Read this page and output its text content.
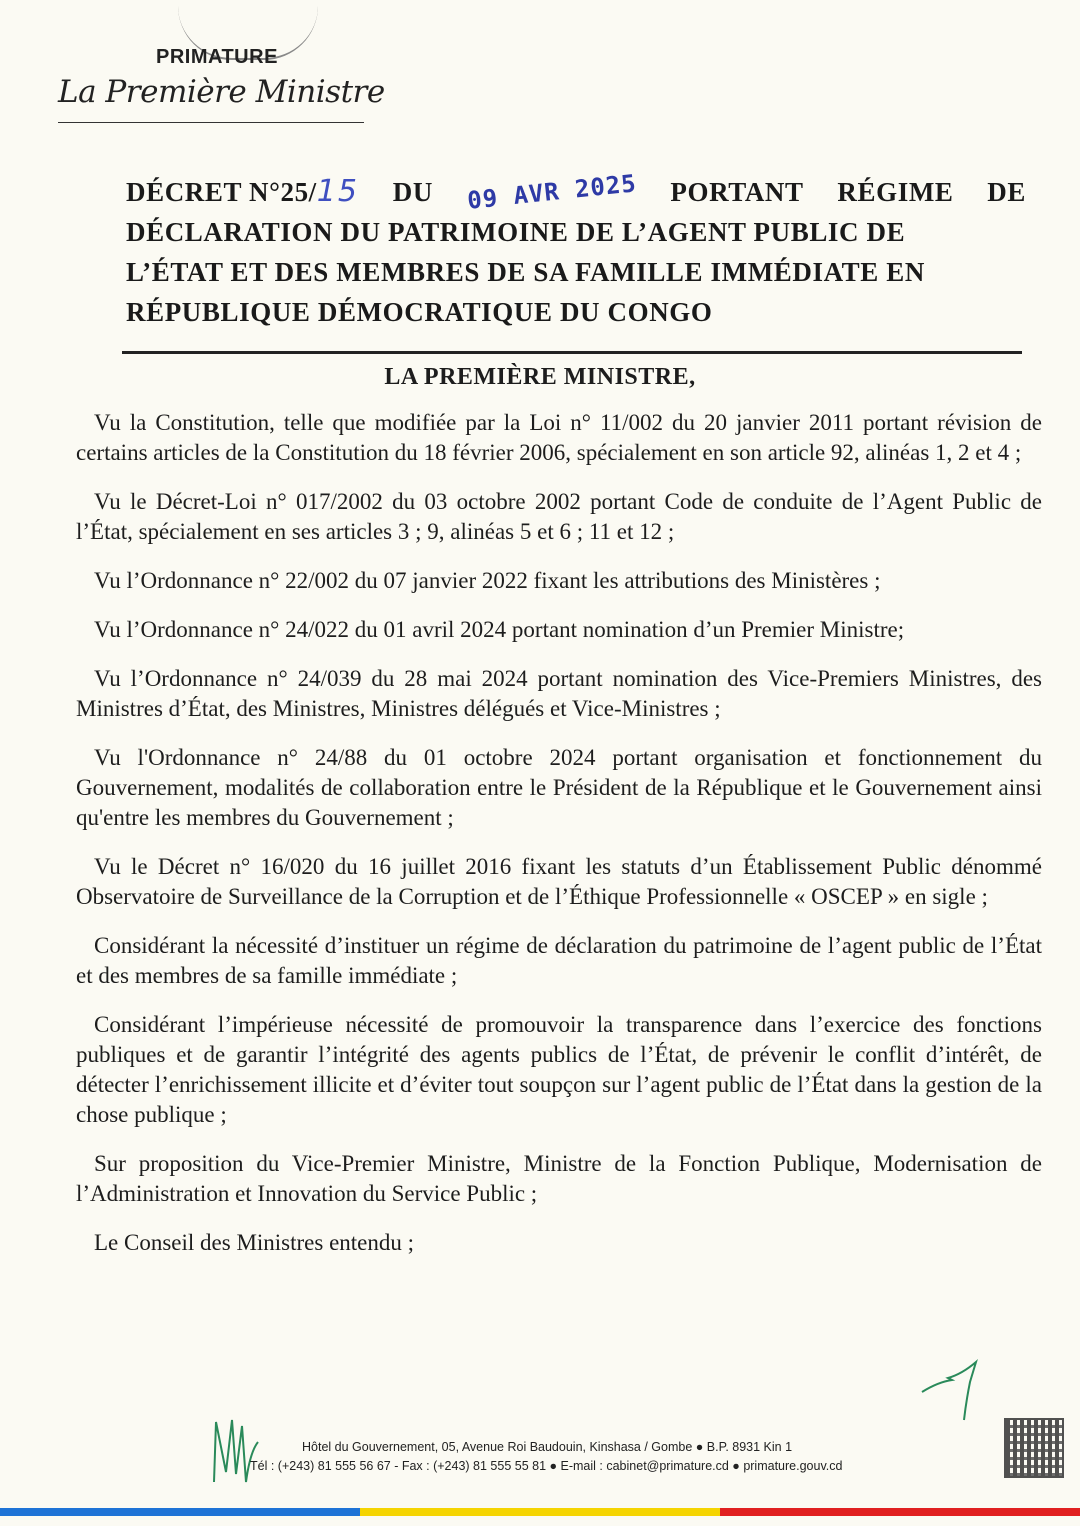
PRIMATURE
La Première Ministre
DÉCRET N°25/15 DU 09 AVR 2025 PORTANT RÉGIME DE
DÉCLARATION DU PATRIMOINE DE L’AGENT PUBLIC DE
L’ÉTAT ET DES MEMBRES DE SA FAMILLE IMMÉDIATE EN
RÉPUBLIQUE DÉMOCRATIQUE DU CONGO
LA PREMIÈRE MINISTRE,

Vu la Constitution, telle que modifiée par la Loi n° 11/002 du 20 janvier 2011 portant révision de certains articles de la Constitution du 18 février 2006, spécialement en son article 92, alinéas 1, 2 et 4 ;

Vu le Décret-Loi n° 017/2002 du 03 octobre 2002 portant Code de conduite de l’Agent Public de l’État, spécialement en ses articles 3 ; 9, alinéas 5 et 6 ; 11 et 12 ;

Vu l’Ordonnance n° 22/002 du 07 janvier 2022 fixant les attributions des Ministères ;

Vu l’Ordonnance n° 24/022 du 01 avril 2024 portant nomination d’un Premier Ministre;

Vu l’Ordonnance n° 24/039 du 28 mai 2024 portant nomination des Vice-Premiers Ministres, des Ministres d’État, des Ministres, Ministres délégués et Vice-Ministres ;

Vu l'Ordonnance n° 24/88 du 01 octobre 2024 portant organisation et fonctionnement du Gouvernement, modalités de collaboration entre le Président de la République et le Gouvernement ainsi qu'entre les membres du Gouvernement ;

Vu le Décret n° 16/020 du 16 juillet 2016 fixant les statuts d’un Établissement Public dénommé Observatoire de Surveillance de la Corruption et de l’Éthique Professionnelle « OSCEP » en sigle ;

Considérant la nécessité d’instituer un régime de déclaration du patrimoine de l’agent public de l’État et des membres de sa famille immédiate ;

Considérant l’impérieuse nécessité de promouvoir la transparence dans l’exercice des fonctions publiques et de garantir l’intégrité des agents publics de l’État, de prévenir le conflit d’intérêt, de détecter l’enrichissement illicite et d’éviter tout soupçon sur l’agent public de l’État dans la gestion de la chose publique ;

Sur proposition du Vice-Premier Ministre, Ministre de la Fonction Publique, Modernisation de l’Administration et Innovation du Service Public ;

Le Conseil des Ministres entendu ;

Hôtel du Gouvernement, 05, Avenue Roi Baudouin, Kinshasa / Gombe ● B.P. 8931 Kin 1
Tél : (+243) 81 555 56 67 - Fax : (+243) 81 555 55 81 ● E-mail : cabinet@primature.cd ● primature.gouv.cd
